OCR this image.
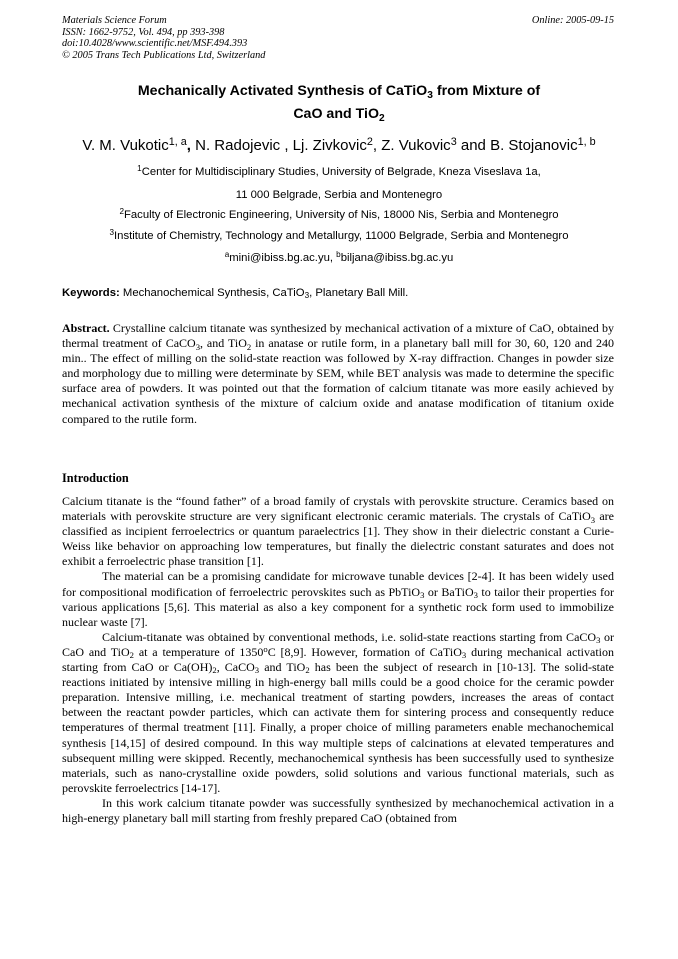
Materials Science Forum
ISSN: 1662-9752, Vol. 494, pp 393-398
doi:10.4028/www.scientific.net/MSF.494.393
© 2005 Trans Tech Publications Ltd, Switzerland
Online: 2005-09-15
Mechanically Activated Synthesis of CaTiO$_3$ from Mixture of
CaO and TiO$_2$
V. M. Vukotic$^{1, a}$, N. Radojevic , Lj. Zivkovic$^2$, Z. Vukovic$^3$ and B. Stojanovic$^{1, b}$
$^1$Center for Multidisciplinary Studies, University of Belgrade, Kneza Viseslava 1a,
11 000 Belgrade, Serbia and Montenegro
$^2$Faculty of Electronic Engineering, University of Nis, 18000 Nis, Serbia and Montenegro
$^3$Institute of Chemistry, Technology and Metallurgy, 11000 Belgrade, Serbia and Montenegro
$^a$mini@ibiss.bg.ac.yu, $^b$biljana@ibiss.bg.ac.yu
Keywords: Mechanochemical Synthesis, CaTiO$_3$, Planetary Ball Mill.

Abstract. Crystalline calcium titanate was synthesized by mechanical activation of a mixture of CaO, obtained by thermal treatment of CaCO$_3$, and TiO$_2$ in anatase or rutile form, in a planetary ball mill for 30, 60, 120 and 240 min.. The effect of milling on the solid-state reaction was followed by X-ray diffraction. Changes in powder size and morphology due to milling were determinate by SEM, while BET analysis was made to determine the specific surface area of powders. It was pointed out that the formation of calcium titanate was more easily achieved by mechanical activation synthesis of the mixture of calcium oxide and anatase modification of titanium oxide compared to the rutile form.

Introduction

Calcium titanate is the “found father” of a broad family of crystals with perovskite structure. Ceramics based on materials with perovskite structure are very significant electronic ceramic materials. The crystals of CaTiO$_3$ are classified as incipient ferroelectrics or quantum paraelectrics [1]. They show in their dielectric constant a Curie-Weiss like behavior on approaching low temperatures, but finally the dielectric constant saturates and does not exhibit a ferroelectric phase transition [1].

The material can be a promising candidate for microwave tunable devices [2-4]. It has been widely used for compositional modification of ferroelectric perovskites such as PbTiO$_3$ or BaTiO$_3$ to tailor their properties for various applications [5,6]. This material as also a key component for a synthetic rock form used to immobilize nuclear waste [7].

Calcium-titanate was obtained by conventional methods, i.e. solid-state reactions starting from CaCO$_3$ or CaO and TiO$_2$ at a temperature of 1350$^o$C [8,9]. However, formation of CaTiO$_3$ during mechanical activation starting from CaO or $Ca(OH)_2$, CaCO$_3$ and TiO$_2$ has been the subject of research in [10-13]. The solid-state reactions initiated by intensive milling in high-energy ball mills could be a good choice for the ceramic powder preparation. Intensive milling, i.e. mechanical treatment of starting powders, increases the areas of contact between the reactant powder particles, which can activate them for sintering process and consequently reduce temperatures of thermal treatment [11]. Finally, a proper choice of milling parameters enable mechanochemical synthesis [14,15] of desired compound. In this way multiple steps of calcinations at elevated temperatures and subsequent milling were skipped. Recently, mechanochemical synthesis has been successfully used to synthesize materials, such as nano-crystalline oxide powders, solid solutions and various functional materials, such as perovskite ferroelectrics [14-17].

In this work calcium titanate powder was successfully synthesized by mechanochemical activation in a high-energy planetary ball mill starting from freshly prepared CaO (obtained from
